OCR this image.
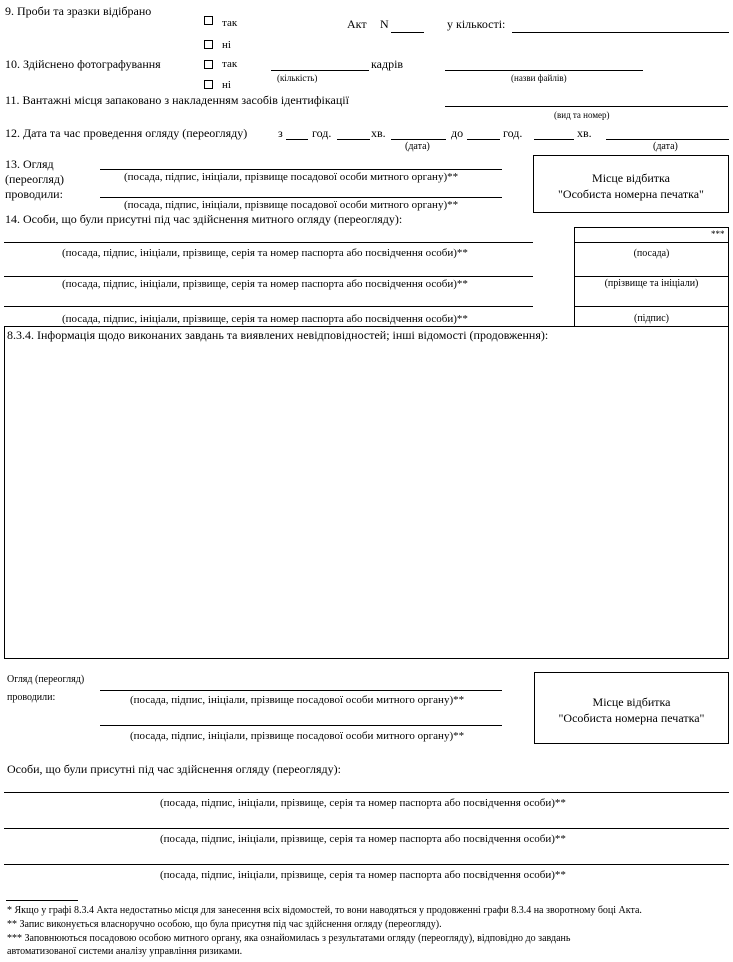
9. Проби та зразки відібрано
так
ні
Акт N	у кількості:
10. Здійснено фотографування	так
ні
(кількість)
кадрів
(назви файлів)
11. Вантажні місця запаковано з накладенням засобів ідентифікації
(вид та номер)
12. Дата та час проведення огляду (переогляду)	з год.	хв.
(дата)
до	год.	хв.
(дата)
13. Огляд
(переогляд)
проводили:
(посада, підпис, ініціали, прізвище посадової особи митного органу)**
(посада, підпис, ініціали, прізвище посадової особи митного органу)**
Місце відбитка
"Особиста номерна печатка"
14. Особи, що були присутні під час здійснення митного огляду (переогляду):
(посада, підпис, ініціали, прізвище, серія та номер паспорта або посвідчення особи)**
(посада, підпис, ініціали, прізвище, серія та номер паспорта або посвідчення особи)**
(посада, підпис, ініціали, прізвище, серія та номер паспорта або посвідчення особи)**
***
(посада)
(прізвище та ініціали)
(підпис)
8.3.4. Інформація щодо виконаних завдань та виявлених невідповідностей; інші відомості (продовження):
Огляд (переогляд)
проводили:	(посада, підпис, ініціали, прізвище посадової особи митного органу)**
(посада, підпис, ініціали, прізвище посадової особи митного органу)**
Місце відбитка
"Особиста номерна печатка"
Особи, що були присутні під час здійснення огляду (переогляду):
(посада, підпис, ініціали, прізвище, серія та номер паспорта або посвідчення особи)**
(посада, підпис, ініціали, прізвище, серія та номер паспорта або посвідчення особи)**
(посада, підпис, ініціали, прізвище, серія та номер паспорта або посвідчення особи)**
* Якщо у графі 8.3.4 Акта недостатньо місця для занесення всіх відомостей, то вони наводяться у продовженні графи 8.3.4 на зворотному боці Акта.
** Запис виконується власноручно особою, що була присутня під час здійснення огляду (переогляду).
*** Заповнюються посадовою особою митного органу, яка ознайомилась з результатами огляду (переогляду), відповідно до завдань
автоматизованої системи аналізу управління ризиками.
